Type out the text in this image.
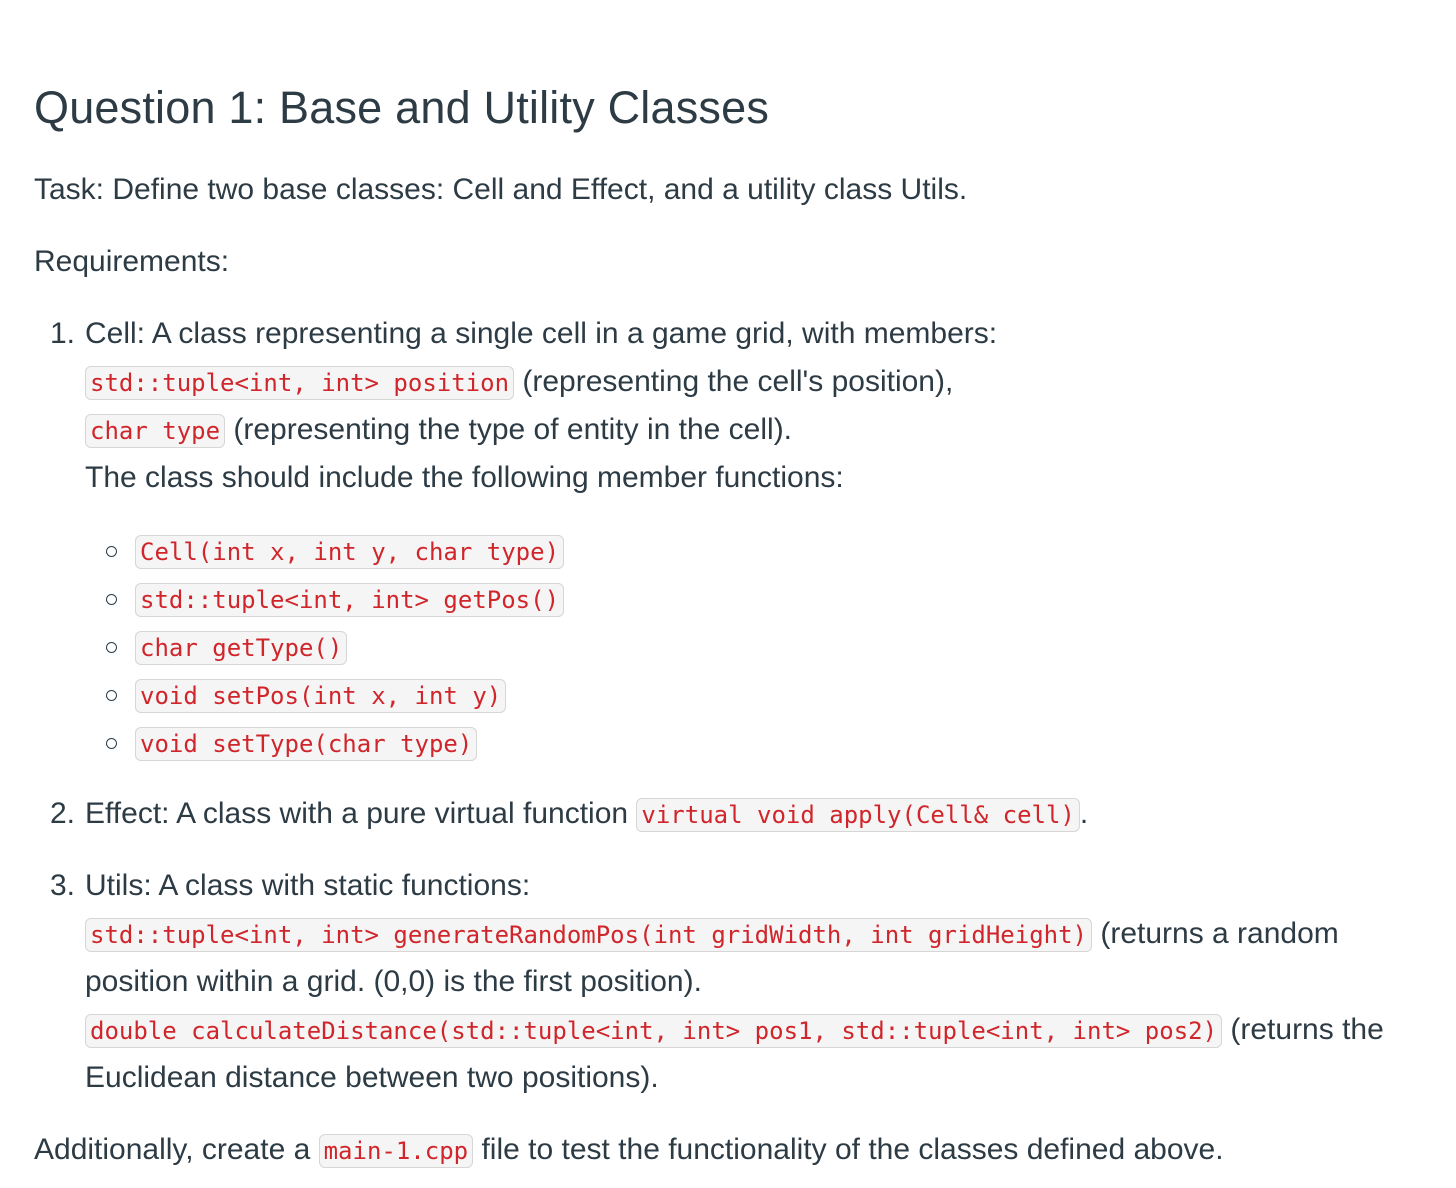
Question 1: Base and Utility Classes

Task: Define two base classes: Cell and Effect, and a utility class Utils.

Requirements:

1. Cell: A class representing a single cell in a game grid, with members:
std::tuple<int, int> position (representing the cell's position),
char type (representing the type of entity in the cell).
The class should include the following member functions:
Cell(int x, int y, char type)
std::tuple<int, int> getPos()
char getType()
void setPos(int x, int y)
void setType(char type)
2. Effect: A class with a pure virtual function virtual void apply(Cell& cell) .
3. Utils: A class with static functions:
std::tuple<int, int> generateRandomPos(int gridWidth, int gridHeight) (returns a random
position within a grid. (0,0) is the first position).
double calculateDistance(std::tuple<int, int> pos1, std::tuple<int, int> pos2) (returns the
Euclidean distance between two positions).

Additionally, create a main-1.cpp file to test the functionality of the classes defined above.
